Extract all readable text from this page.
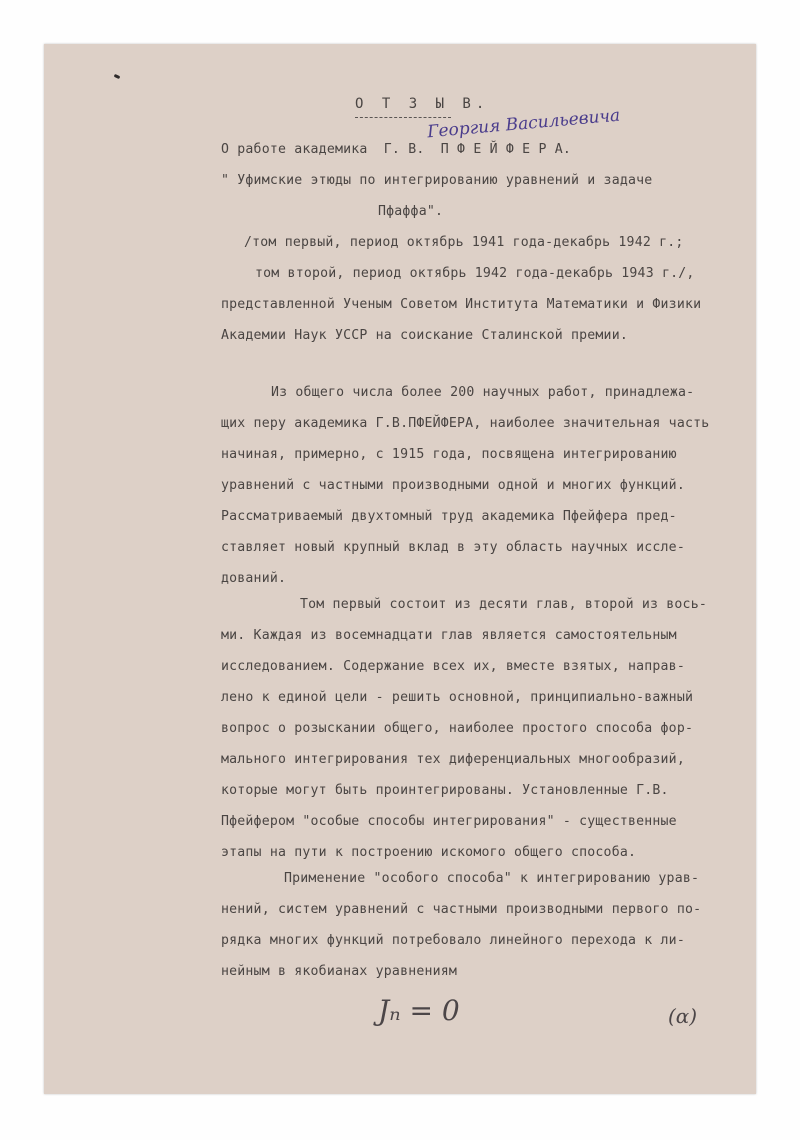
О Т З Ы В.
Георгия Васильевича
О работе академика  Г. В.  П Ф Е Й Ф Е Р А.
" Уфимские этюды по интегрированию уравнений и задаче
Пфаффа".
/том первый, период октябрь 1941 года-декабрь 1942 г.;
том второй, период октябрь 1942 года-декабрь 1943 г./,
представленной Ученым Советом Института Математики и Физики
Академии Наук УССР на соискание Сталинской премии.
Из общего числа более 200 научных работ, принадлежа-
щих перу академика Г.В.ПФЕЙФЕРА, наиболее значительная часть
начиная, примерно, с 1915 года, посвящена интегрированию
уравнений с частными производными одной и многих функций.
Рассматриваемый двухтомный труд академика Пфейфера пред-
ставляет новый крупный вклад в эту область научных иссле-
дований.
Том первый состоит из десяти глав, второй из вось-
ми. Каждая из восемнадцати глав является самостоятельным
исследованием. Содержание всех их, вместе взятых, направ-
лено к единой цели - решить основной, принципиально-важный
вопрос о розыскании общего, наиболее простого способа фор-
мального интегрирования тех диференциальных многообразий,
которые могут быть проинтегрированы. Установленные Г.В.
Пфейфером "особые способы интегрирования" - существенные
этапы на пути к построению искомого общего способа.
Применение "особого способа" к интегрированию урав-
нений, систем уравнений с частными производными первого по-
рядка многих функций потребовало линейного перехода к ли-
нейным в якобианах уравнениям
Jₙ = 0	(α)
